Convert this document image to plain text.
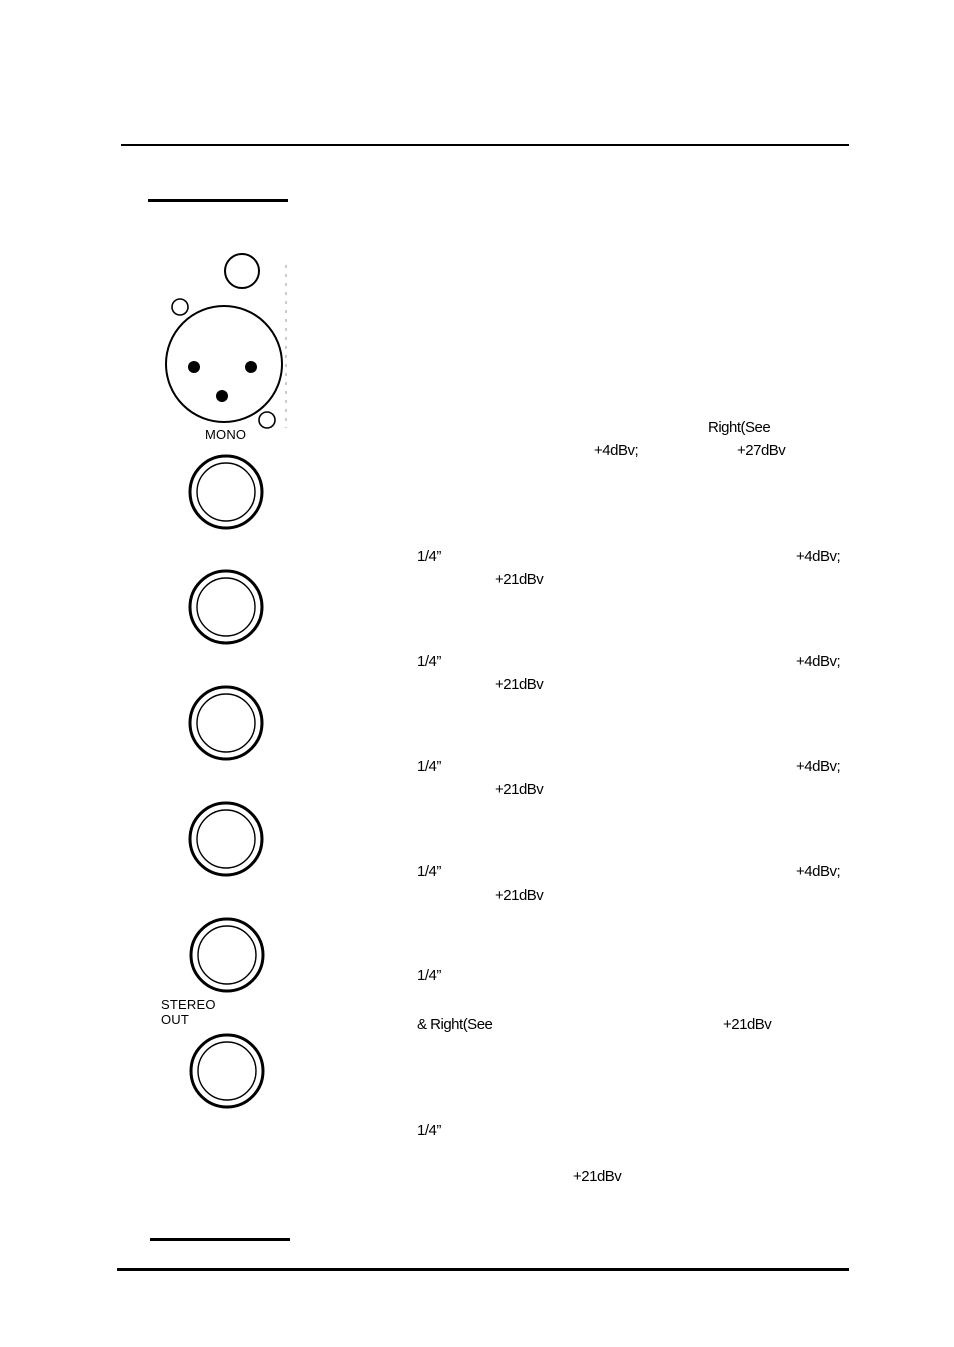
MONO
STEREO
OUT
Right(See
+4dBv;	+27dBv
1/4”	+4dBv;
+21dBv
1/4”	+4dBv;
+21dBv
1/4”	+4dBv;
+21dBv
1/4”	+4dBv;
+21dBv
1/4”
& Right(See	+21dBv
1/4”
+21dBv
